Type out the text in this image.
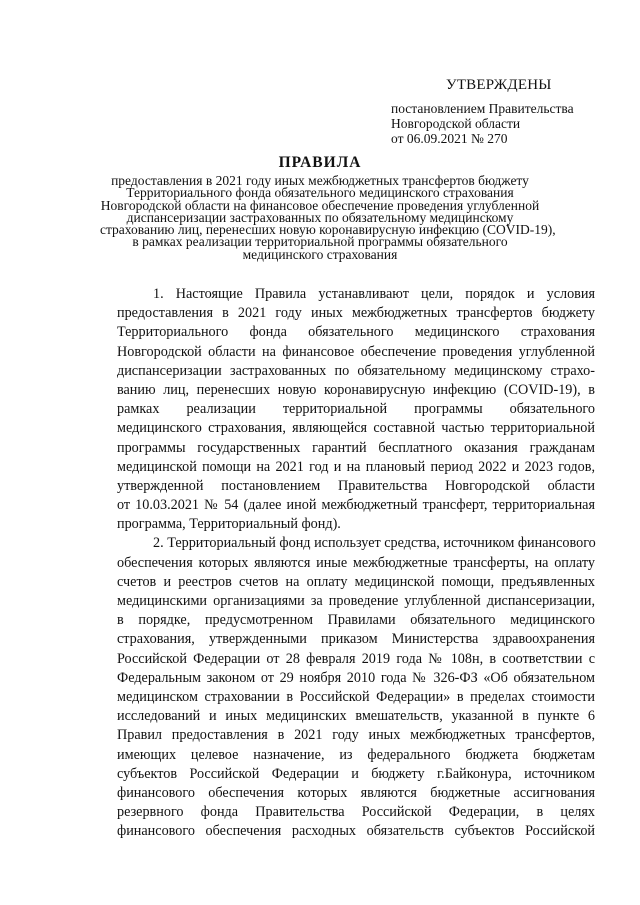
УТВЕРЖДЕНЫ
постановлением Правительства
Новгородской области
от 06.09.2021 № 270
ПРАВИЛА
предоставления в 2021 году иных межбюджетных трансфертов бюджету
Территориального фонда обязательного медицинского страхования
Новгородской области на финансовое обеспечение проведения углубленной
диспансеризации застрахованных по обязательному медицинскому
страхованию лиц, перенесших новую коронавирусную инфекцию (COVID-19),
в рамках реализации территориальной программы обязательного
медицинского страхования
1. Настоящие Правила устанавливают цели, порядок и условия
предоставления в 2021 году иных межбюджетных трансфертов бюджету
Территориального фонда обязательного медицинского страхования
Новгородской области на финансовое обеспечение проведения углубленной
диспансеризации застрахованных по обязательному медицинскому страхо-
ванию лиц, перенесших новую коронавирусную инфекцию (COVID-19), в
рамках реализации территориальной программы обязательного
медицинского страхования, являющейся составной частью территориальной
программы государственных гарантий бесплатного оказания гражданам
медицинской помощи на 2021 год и на плановый период 2022 и 2023 годов,
утвержденной постановлением Правительства Новгородской области
от 10.03.2021 № 54 (далее иной межбюджетный трансферт, территориальная
программа, Территориальный фонд).
2. Территориальный фонд использует средства, источником финансового
обеспечения которых являются иные межбюджетные трансферты, на оплату
счетов и реестров счетов на оплату медицинской помощи, предъявленных
медицинскими организациями за проведение углубленной диспансеризации,
в порядке, предусмотренном Правилами обязательного медицинского
страхования, утвержденными приказом Министерства здравоохранения
Российской Федерации от 28 февраля 2019 года № 108н, в соответствии с
Федеральным законом от 29 ноября 2010 года № 326-ФЗ «Об обязательном
медицинском страховании в Российской Федерации» в пределах стоимости
исследований и иных медицинских вмешательств, указанной в пункте 6
Правил предоставления в 2021 году иных межбюджетных трансфертов,
имеющих целевое назначение, из федерального бюджета бюджетам
субъектов Российской Федерации и бюджету г.Байконура, источником
финансового обеспечения которых являются бюджетные ассигнования
резервного фонда Правительства Российской Федерации, в целях
финансового обеспечения расходных обязательств субъектов Российской
